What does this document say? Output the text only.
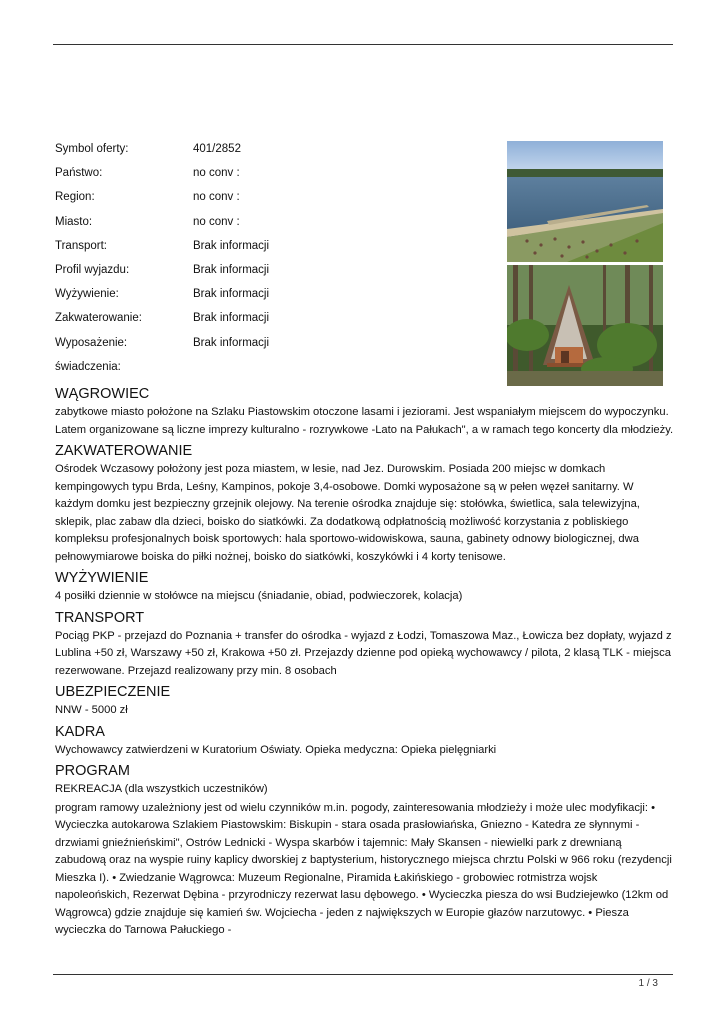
Symbol oferty:	401/2852
Państwo:	no conv :
Region:	no conv :
Miasto:	no conv :
Transport:	Brak informacji
Profil wyjazdu:	Brak informacji
Wyżywienie:	Brak informacji
Zakwaterowanie:	Brak informacji
Wyposażenie:	Brak informacji
świadczenia:
WĄGROWIEC

zabytkowe miasto położone na Szlaku Piastowskim otoczone lasami i jeziorami. Jest wspaniałym miejscem do wypoczynku. Latem organizowane są liczne imprezy kulturalno - rozrywkowe -Lato na Pałukach", a w ramach tego koncerty dla młodzieży.

ZAKWATEROWANIE

Ośrodek Wczasowy położony jest poza miastem, w lesie, nad Jez. Durowskim. Posiada 200 miejsc w domkach kempingowych typu Brda, Leśny, Kampinos, pokoje 3,4-osobowe. Domki wyposażone są w pełen węzeł sanitarny. W każdym domku jest bezpieczny grzejnik olejowy. Na terenie ośrodka znajduje się: stołówka, świetlica, sala telewizyjna, sklepik, plac zabaw dla dzieci, boisko do siatkówki. Za dodatkową odpłatnością możliwość korzystania z pobliskiego kompleksu profesjonalnych boisk sportowych: hala sportowo-widowiskowa, sauna, gabinety odnowy biologicznej, dwa pełnowymiarowe boiska do piłki nożnej, boisko do siatkówki, koszykówki i 4 korty tenisowe.

WYŻYWIENIE

4 posiłki dziennie w stołówce na miejscu (śniadanie, obiad, podwieczorek, kolacja)

TRANSPORT

Pociąg PKP - przejazd do Poznania + transfer do ośrodka - wyjazd z Łodzi, Tomaszowa Maz., Łowicza bez dopłaty, wyjazd z Lublina +50 zł, Warszawy +50 zł, Krakowa +50 zł. Przejazdy dzienne pod opieką wychowawcy / pilota, 2 klasą TLK - miejsca rezerwowane. Przejazd realizowany przy min. 8 osobach

UBEZPIECZENIE

NNW - 5000 zł

KADRA

Wychowawcy zatwierdzeni w Kuratorium Oświaty. Opieka medyczna: Opieka pielęgniarki

PROGRAM

REKREACJA (dla wszystkich uczestników)

program ramowy uzależniony jest od wielu czynników m.in. pogody, zainteresowania młodzieży i może ulec modyfikacji: • Wycieczka autokarowa Szlakiem Piastowskim: Biskupin - stara osada prasłowiańska, Gniezno - Katedra ze słynnymi -drzwiami gnieźnieńskimi", Ostrów Lednicki - Wyspa skarbów i tajemnic: Mały Skansen - niewielki park z drewnianą zabudową oraz na wyspie ruiny kaplicy dworskiej z baptysterium, historycznego miejsca chrztu Polski w 966 roku (rezydencji Mieszka I). • Zwiedzanie Wągrowca: Muzeum Regionalne, Piramida Łakińskiego - grobowiec rotmistrza wojsk napoleońskich, Rezerwat Dębina - przyrodniczy rezerwat lasu dębowego. • Wycieczka piesza do wsi Budziejewko (12km od Wągrowca) gdzie znajduje się kamień św. Wojciecha - jeden z największych w Europie głazów narzutowyc. • Piesza wycieczka do Tarnowa Pałuckiego -

1 / 3
